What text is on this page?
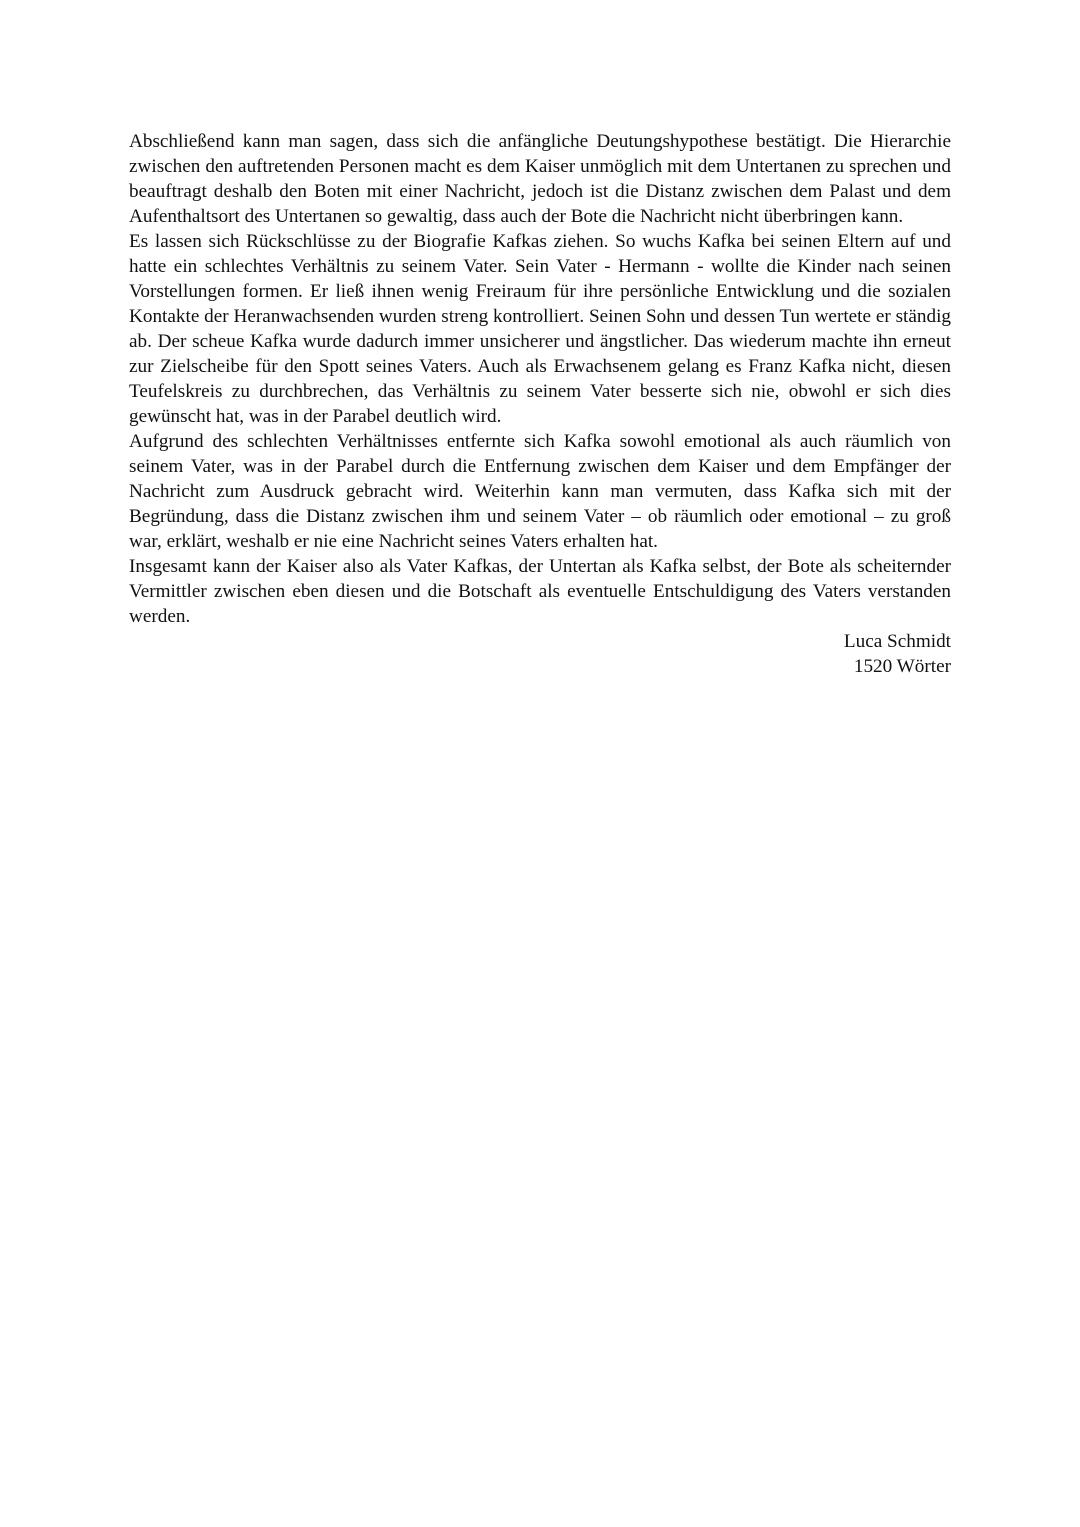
Abschließend kann man sagen, dass sich die anfängliche Deutungshypothese bestätigt. Die Hierarchie zwischen den auftretenden Personen macht es dem Kaiser unmöglich mit dem Untertanen zu sprechen und beauftragt deshalb den Boten mit einer Nachricht, jedoch ist die Distanz zwischen dem Palast und dem Aufenthaltsort des Untertanen so gewaltig, dass auch der Bote die Nachricht nicht überbringen kann.

Es lassen sich Rückschlüsse zu der Biografie Kafkas ziehen. So wuchs Kafka bei seinen Eltern auf und hatte ein schlechtes Verhältnis zu seinem Vater. Sein Vater - Hermann - wollte die Kinder nach seinen Vorstellungen formen. Er ließ ihnen wenig Freiraum für ihre persönliche Entwicklung und die sozialen Kontakte der Heranwachsenden wurden streng kontrolliert. Seinen Sohn und dessen Tun wertete er ständig ab. Der scheue Kafka wurde dadurch immer unsicherer und ängstlicher. Das wiederum machte ihn erneut zur Zielscheibe für den Spott seines Vaters. Auch als Erwachsenem gelang es Franz Kafka nicht, diesen Teufelskreis zu durchbrechen, das Verhältnis zu seinem Vater besserte sich nie, obwohl er sich dies gewünscht hat, was in der Parabel deutlich wird.

Aufgrund des schlechten Verhältnisses entfernte sich Kafka sowohl emotional als auch räumlich von seinem Vater, was in der Parabel durch die Entfernung zwischen dem Kaiser und dem Empfänger der Nachricht zum Ausdruck gebracht wird. Weiterhin kann man vermuten, dass Kafka sich mit der Begründung, dass die Distanz zwischen ihm und seinem Vater – ob räumlich oder emotional – zu groß war, erklärt, weshalb er nie eine Nachricht seines Vaters erhalten hat.

Insgesamt kann der Kaiser also als Vater Kafkas, der Untertan als Kafka selbst, der Bote als scheiternder Vermittler zwischen eben diesen und die Botschaft als eventuelle Entschuldigung des Vaters verstanden werden.

Luca Schmidt

1520 Wörter
